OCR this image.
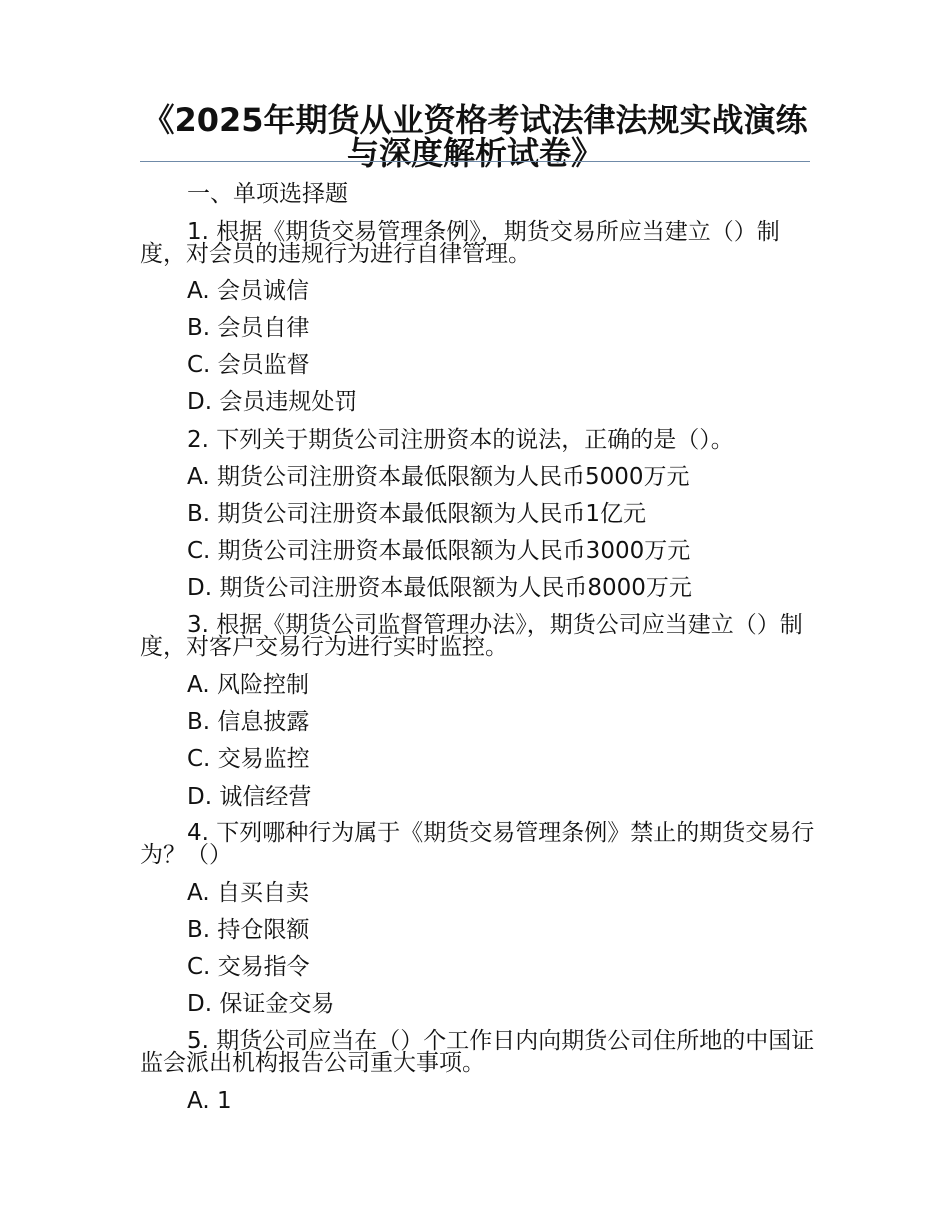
《2025年期货从业资格考试法律法规实战演练与深度解析试卷》

一、单项选择题

1. 根据《期货交易管理条例》，期货交易所应当建立（）制度，对会员的违规行为进行自律管理。

A. 会员诚信

B. 会员自律

C. 会员监督

D. 会员违规处罚

2. 下列关于期货公司注册资本的说法，正确的是（）。

A. 期货公司注册资本最低限额为人民币5000万元

B. 期货公司注册资本最低限额为人民币1亿元

C. 期货公司注册资本最低限额为人民币3000万元

D. 期货公司注册资本最低限额为人民币8000万元

3. 根据《期货公司监督管理办法》，期货公司应当建立（）制度，对客户交易行为进行实时监控。

A. 风险控制

B. 信息披露

C. 交易监控

D. 诚信经营

4. 下列哪种行为属于《期货交易管理条例》禁止的期货交易行为？（）

A. 自买自卖

B. 持仓限额

C. 交易指令

D. 保证金交易

5. 期货公司应当在（）个工作日内向期货公司住所地的中国证监会派出机构报告公司重大事项。

A. 1
